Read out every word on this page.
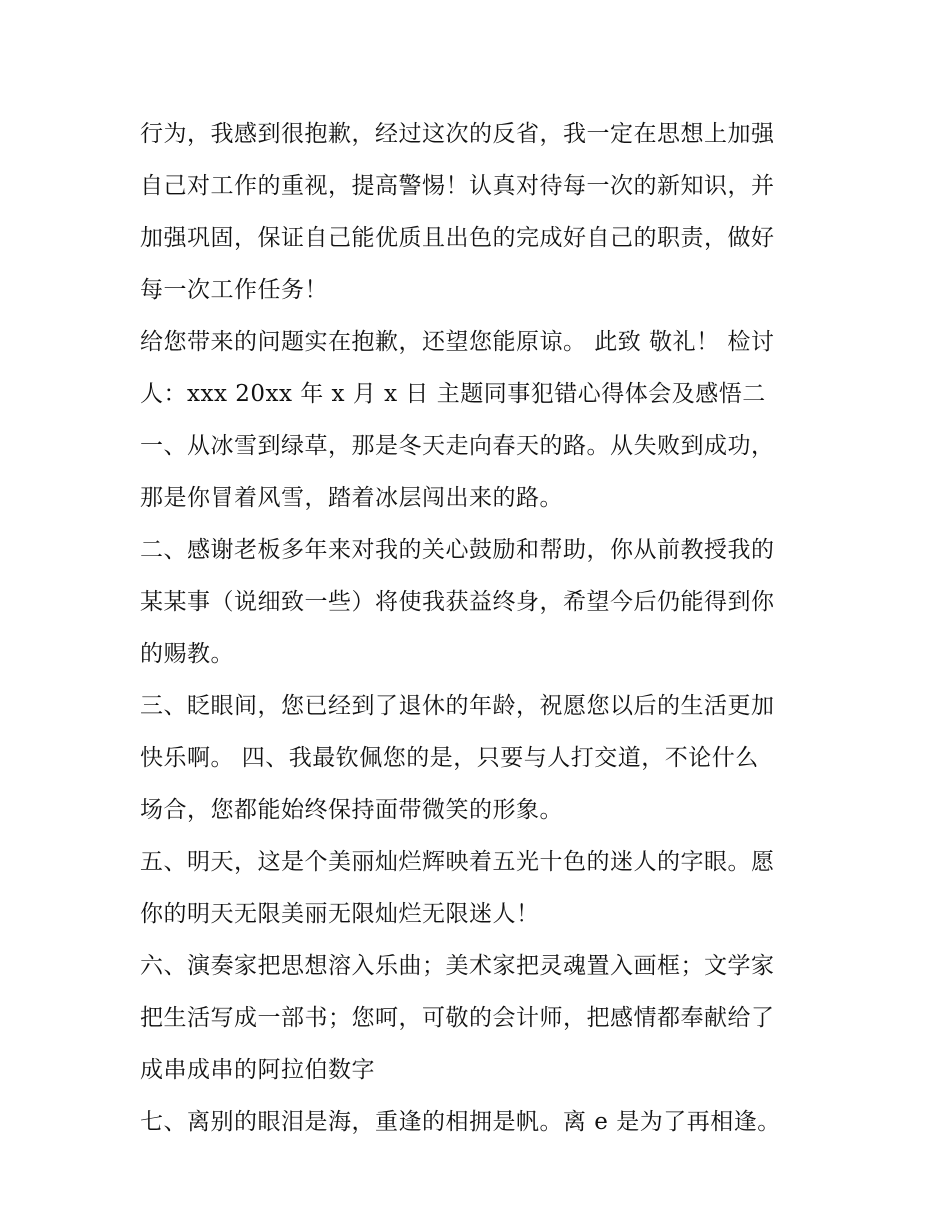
行为，我感到很抱歉，经过这次的反省，我一定在思想上加强
自己对工作的重视，提高警惕！认真对待每一次的新知识，并
加强巩固，保证自己能优质且出色的完成好自己的职责，做好
每一次工作任务！
给您带来的问题实在抱歉，还望您能原谅。 此致 敬礼！ 检讨
人：xxx 20xx 年 x 月 x 日 主题同事犯错心得体会及感悟二
一、从冰雪到绿草，那是冬天走向春天的路。从失败到成功，
那是你冒着风雪，踏着冰层闯出来的路。
二、感谢老板多年来对我的关心鼓励和帮助，你从前教授我的
某某事（说细致一些）将使我获益终身，希望今后仍能得到你
的赐教。
三、眨眼间，您已经到了退休的年龄，祝愿您以后的生活更加
快乐啊。 四、我最钦佩您的是，只要与人打交道，不论什么
场合，您都能始终保持面带微笑的形象。
五、明天，这是个美丽灿烂辉映着五光十色的迷人的字眼。愿
你的明天无限美丽无限灿烂无限迷人！
六、演奏家把思想溶入乐曲；美术家把灵魂置入画框；文学家
把生活写成一部书；您呵，可敬的会计师，把感情都奉献给了
成串成串的阿拉伯数字
七、离别的眼泪是海，重逢的相拥是帆。离 e 是为了再相逢。
